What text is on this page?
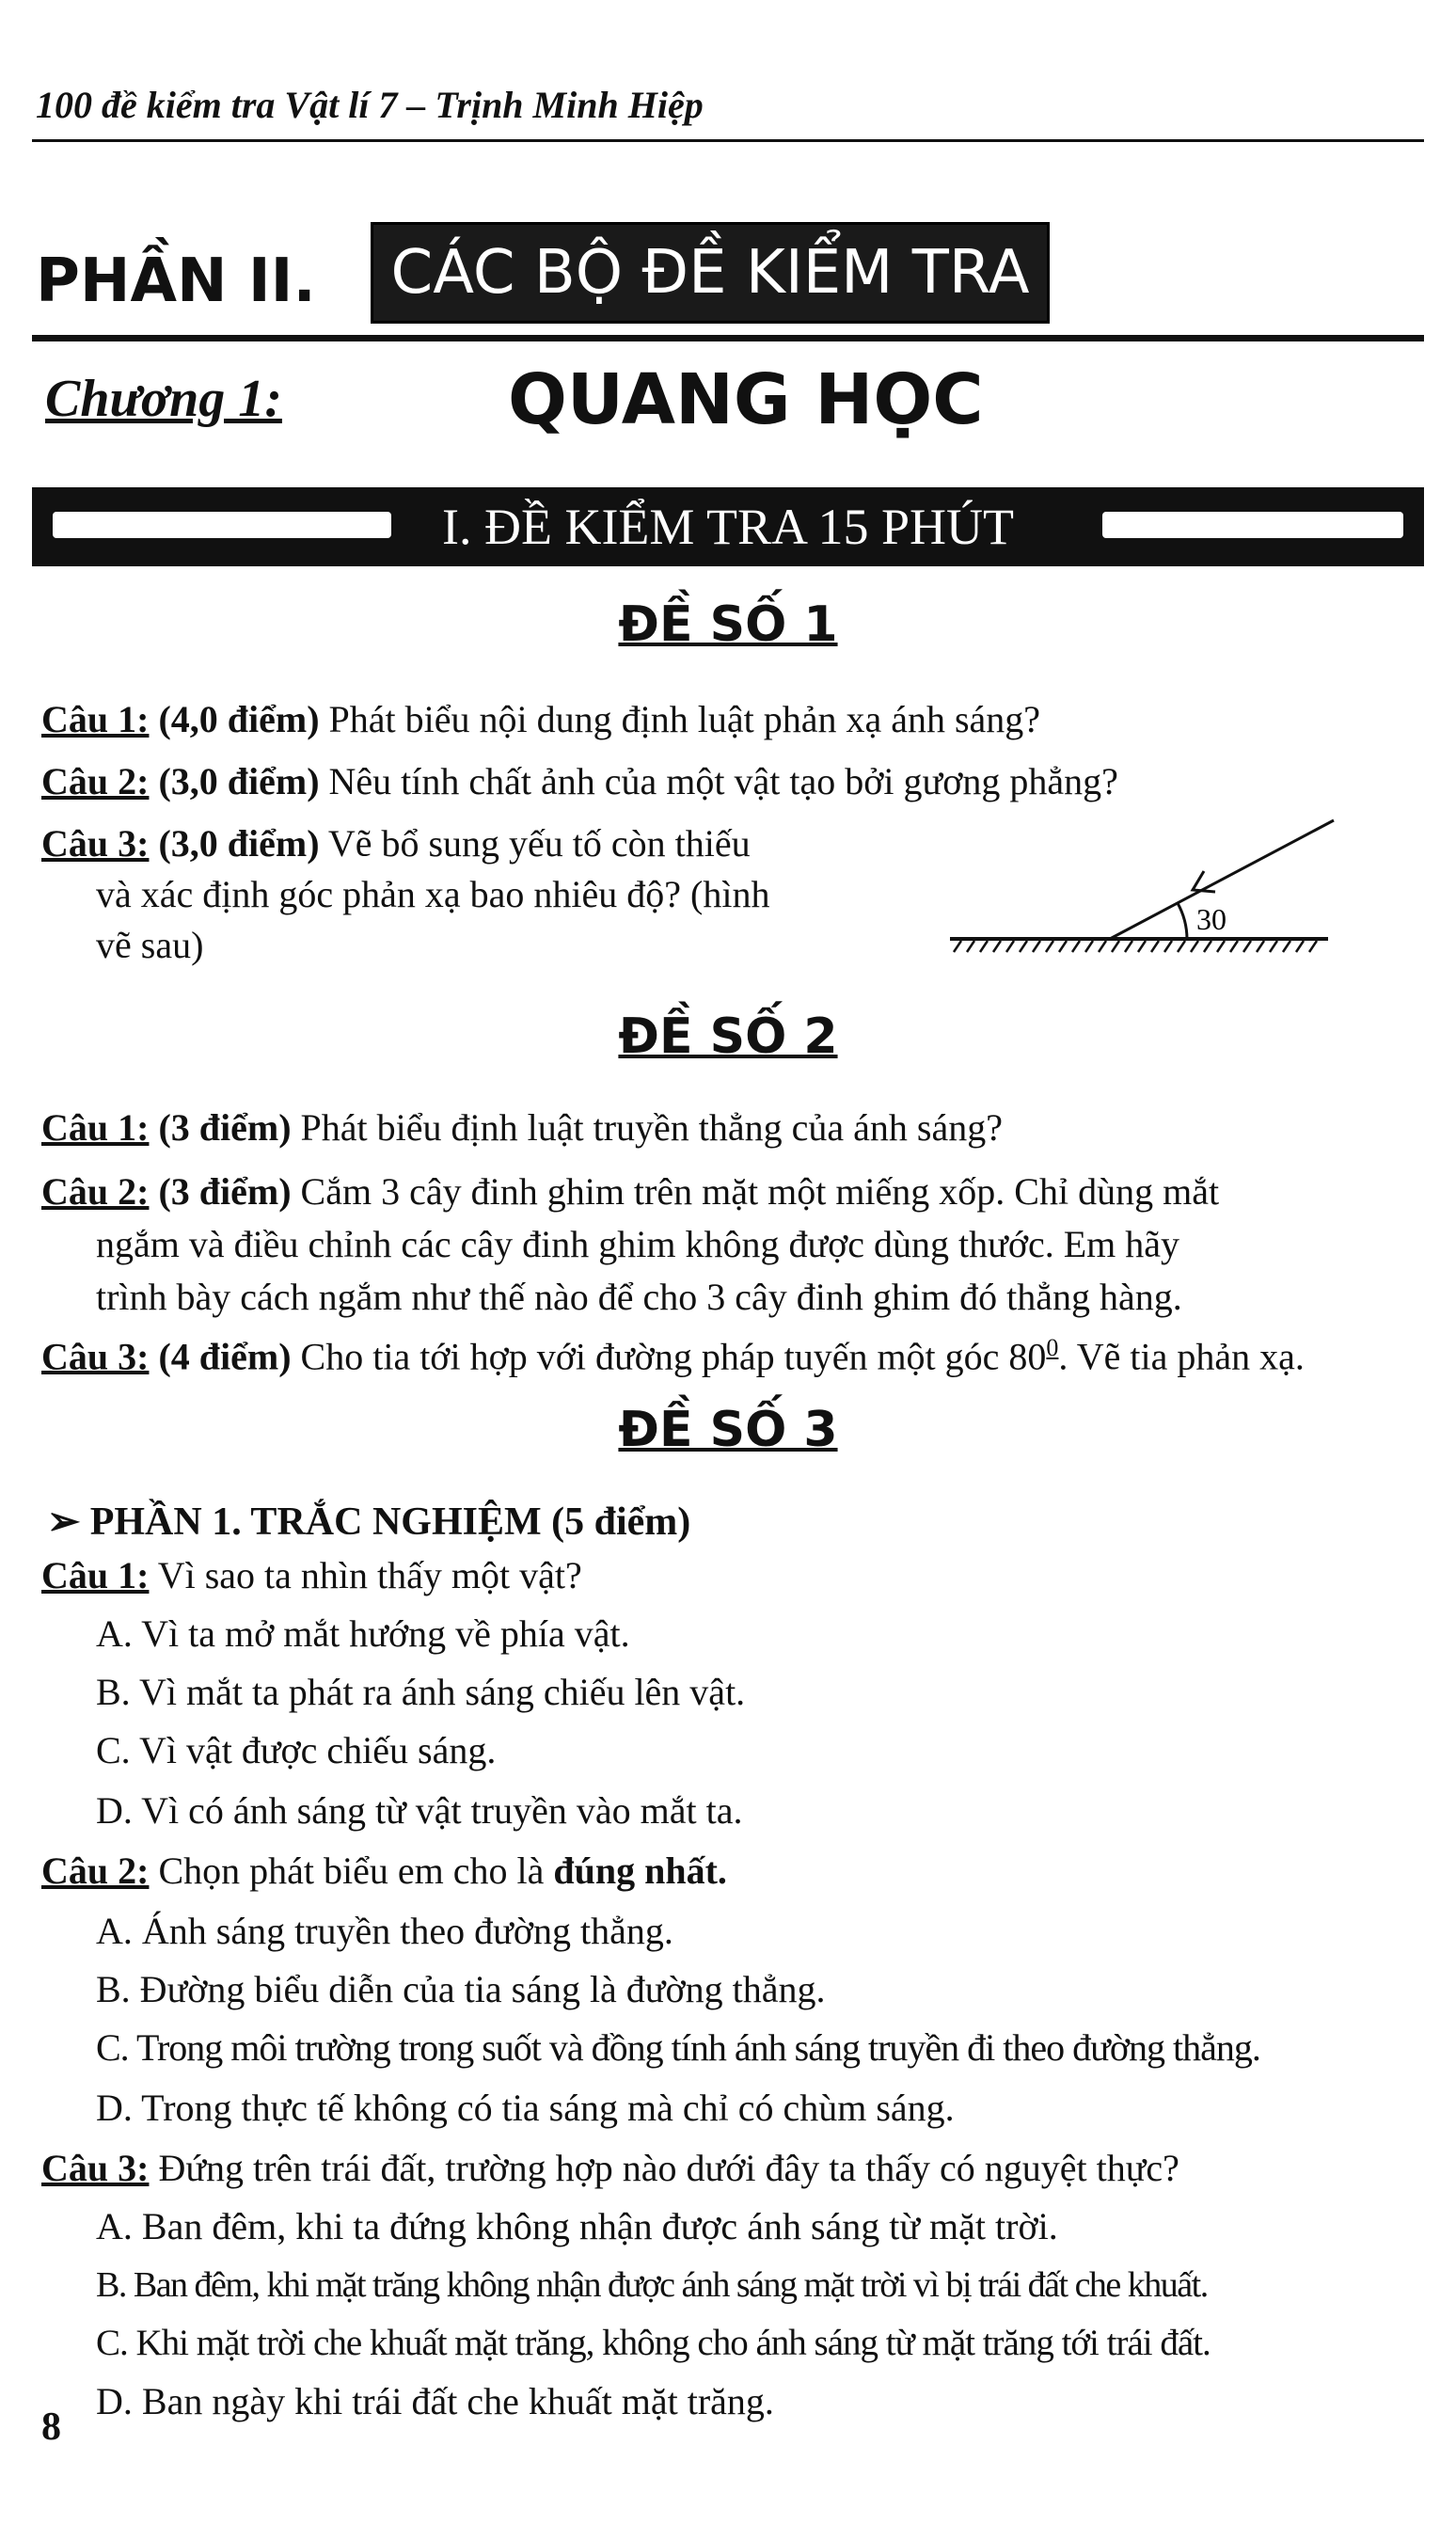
100 đề kiểm tra Vật lí 7 – Trịnh Minh Hiệp
PHẦN II.	CÁC BỘ ĐỀ KIỂM TRA
Chương 1:	QUANG HỌC
I. ĐỀ KIỂM TRA 15 PHÚT
ĐỀ SỐ 1
Câu 1: (4,0 điểm) Phát biểu nội dung định luật phản xạ ánh sáng?
Câu 2: (3,0 điểm) Nêu tính chất ảnh của một vật tạo bởi gương phẳng?
Câu 3: (3,0 điểm) Vẽ bổ sung yếu tố còn thiếu
và xác định góc phản xạ bao nhiêu độ? (hình
vẽ sau)
30
ĐỀ SỐ 2
Câu 1: (3 điểm) Phát biểu định luật truyền thẳng của ánh sáng?
Câu 2: (3 điểm) Cắm 3 cây đinh ghim trên mặt một miếng xốp. Chỉ dùng mắt
ngắm và điều chỉnh các cây đinh ghim không được dùng thước. Em hãy
trình bày cách ngắm như thế nào để cho 3 cây đinh ghim đó thẳng hàng.
Câu 3: (4 điểm) Cho tia tới hợp với đường pháp tuyến một góc $80^0$. Vẽ tia phản xạ.
ĐỀ SỐ 3
➢ PHẦN 1. TRẮC NGHIỆM (5 điểm)
Câu 1: Vì sao ta nhìn thấy một vật?
A. Vì ta mở mắt hướng về phía vật.
B. Vì mắt ta phát ra ánh sáng chiếu lên vật.
C. Vì vật được chiếu sáng.
D. Vì có ánh sáng từ vật truyền vào mắt ta.
Câu 2: Chọn phát biểu em cho là đúng nhất.
A. Ánh sáng truyền theo đường thẳng.
B. Đường biểu diễn của tia sáng là đường thẳng.
C. Trong môi trường trong suốt và đồng tính ánh sáng truyền đi theo đường thẳng.
D. Trong thực tế không có tia sáng mà chỉ có chùm sáng.
Câu 3: Đứng trên trái đất, trường hợp nào dưới đây ta thấy có nguyệt thực?
A. Ban đêm, khi ta đứng không nhận được ánh sáng từ mặt trời.
B. Ban đêm, khi mặt trăng không nhận được ánh sáng mặt trời vì bị trái đất che khuất.
C. Khi mặt trời che khuất mặt trăng, không cho ánh sáng từ mặt trăng tới trái đất.
D. Ban ngày khi trái đất che khuất mặt trăng.
8
